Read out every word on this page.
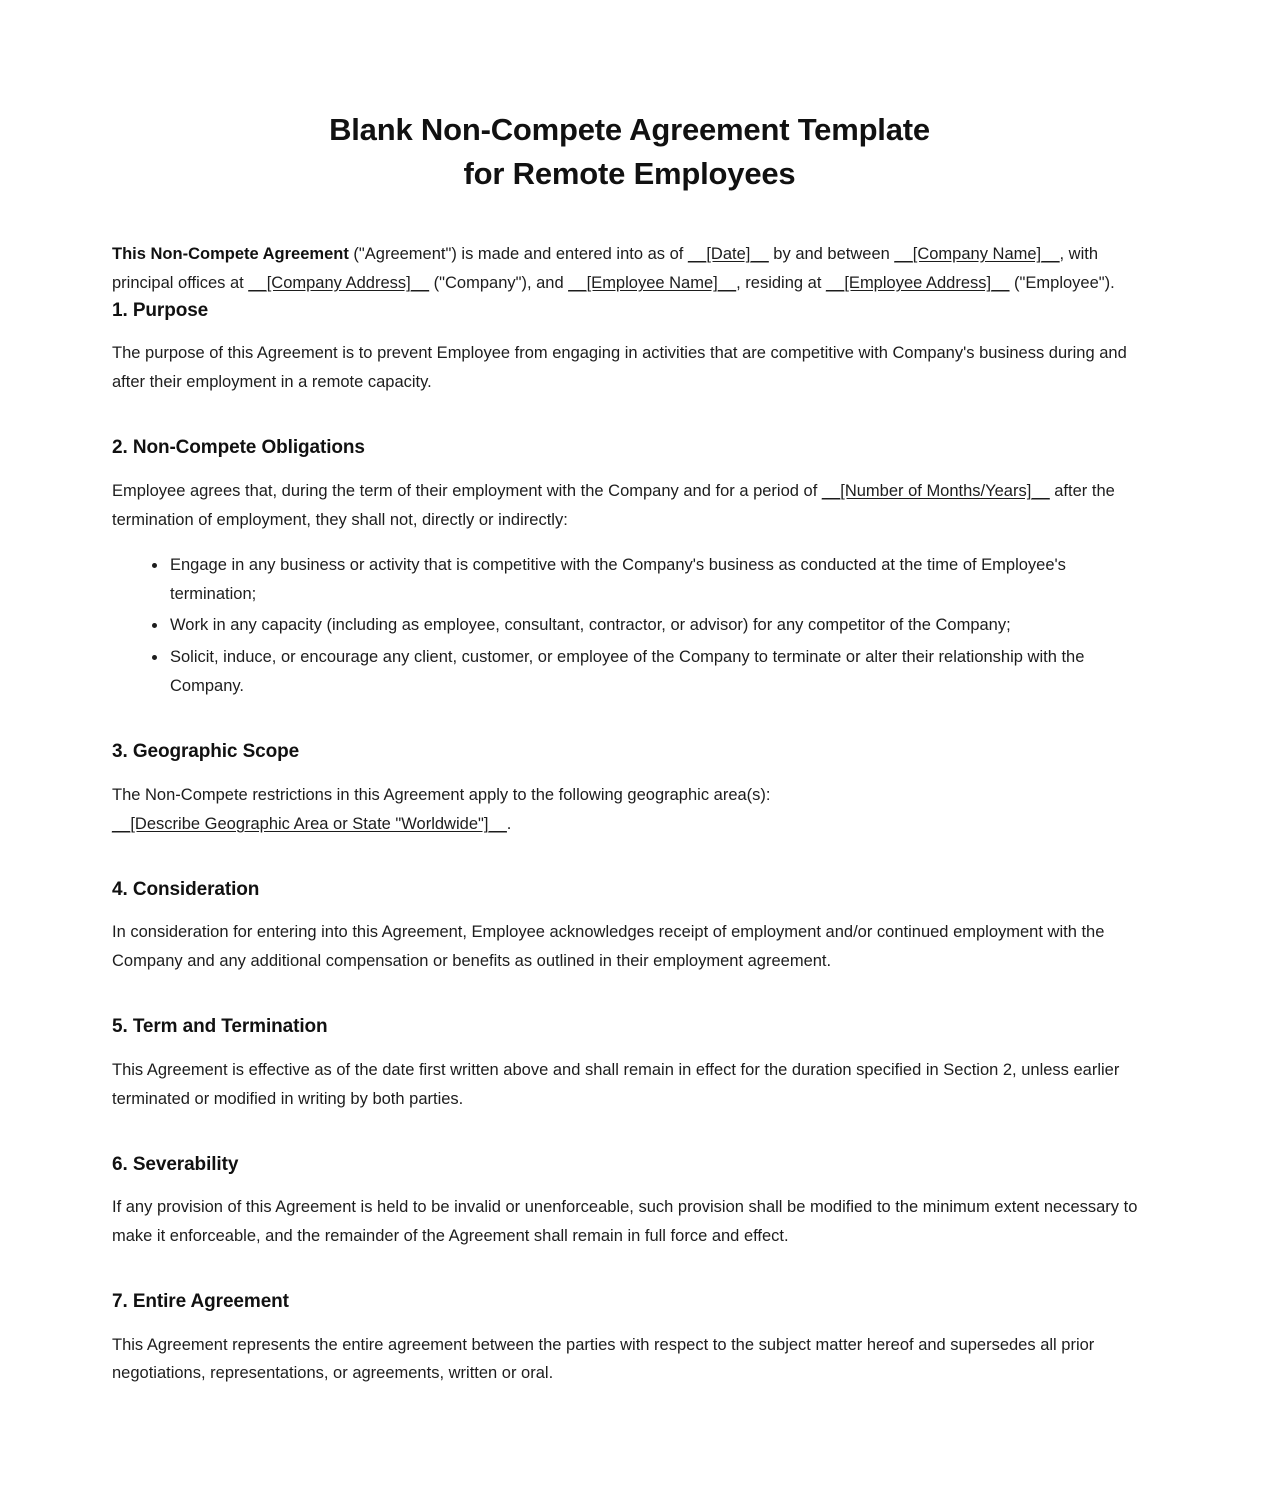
Blank Non-Compete Agreement Template
for Remote Employees

This Non-Compete Agreement ("Agreement") is made and entered into as of __[Date]__ by and between __[Company Name]__, with principal offices at __[Company Address]__ ("Company"), and __[Employee Name]__, residing at __[Employee Address]__ ("Employee").

1. Purpose

The purpose of this Agreement is to prevent Employee from engaging in activities that are competitive with Company's business during and after their employment in a remote capacity.

2. Non-Compete Obligations

Employee agrees that, during the term of their employment with the Company and for a period of __[Number of Months/Years]__ after the termination of employment, they shall not, directly or indirectly:

Engage in any business or activity that is competitive with the Company's business as conducted at the time of Employee's termination;
Work in any capacity (including as employee, consultant, contractor, or advisor) for any competitor of the Company;
Solicit, induce, or encourage any client, customer, or employee of the Company to terminate or alter their relationship with the Company.
3. Geographic Scope

The Non-Compete restrictions in this Agreement apply to the following geographic area(s): __[Describe Geographic Area or State "Worldwide"]__.

4. Consideration

In consideration for entering into this Agreement, Employee acknowledges receipt of employment and/or continued employment with the Company and any additional compensation or benefits as outlined in their employment agreement.

5. Term and Termination

This Agreement is effective as of the date first written above and shall remain in effect for the duration specified in Section 2, unless earlier terminated or modified in writing by both parties.

6. Severability

If any provision of this Agreement is held to be invalid or unenforceable, such provision shall be modified to the minimum extent necessary to make it enforceable, and the remainder of the Agreement shall remain in full force and effect.

7. Entire Agreement

This Agreement represents the entire agreement between the parties with respect to the subject matter hereof and supersedes all prior negotiations, representations, or agreements, written or oral.
